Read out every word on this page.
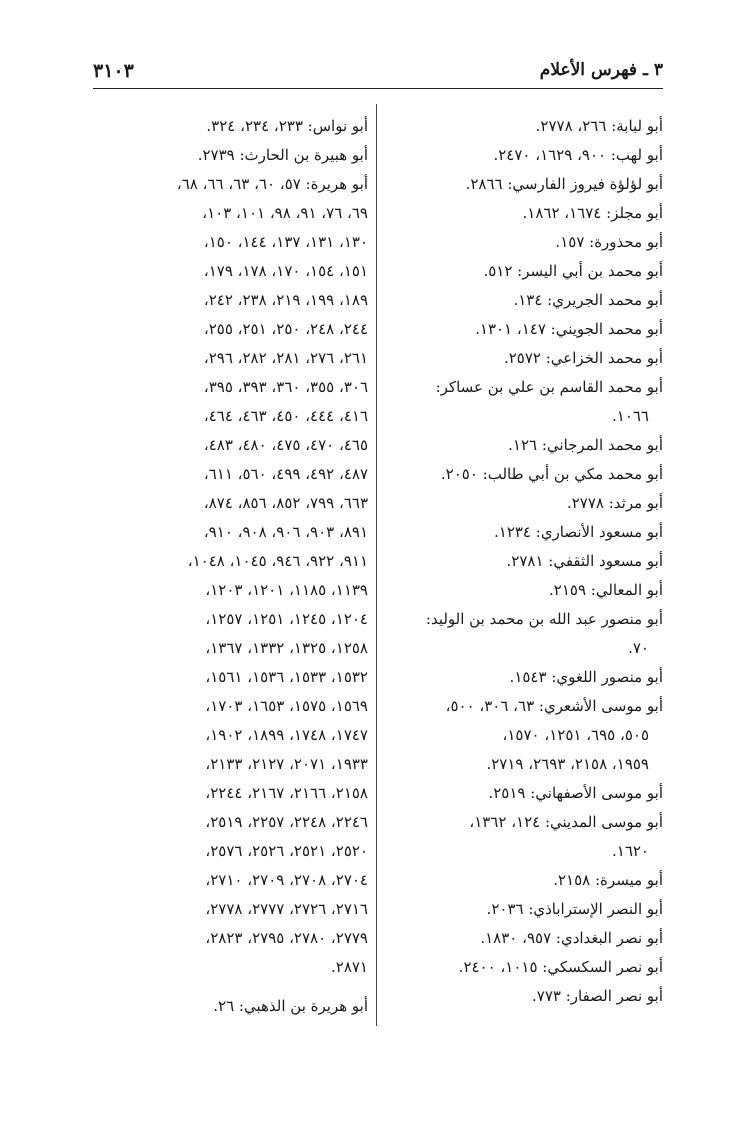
٣ ـ فهرس الأعلام
٣١٠٣
أبو لبابة: ٢٦٦، ٢٧٧٨.
أبو لهب: ٩٠٠، ١٦٢٩، ٢٤٧٠.
أبو لؤلؤة فيروز الفارسي: ٢٨٦٦.
أبو مجلز: ١٦٧٤، ١٨٦٢.
أبو محذورة: ١٥٧.
أبو محمد بن أبي اليسر: ٥١٢.
أبو محمد الجريري: ١٣٤.
أبو محمد الجويني: ١٤٧، ١٣٠١.
أبو محمد الخزاعي: ٢٥٧٢.
أبو محمد القاسم بن علي بن عساكر:
١٠٦٦.
أبو محمد المرجاني: ١٢٦.
أبو محمد مكي بن أبي طالب: ٢٠٥٠.
أبو مرثد: ٢٧٧٨.
أبو مسعود الأنصاري: ١٢٣٤.
أبو مسعود الثقفي: ٢٧٨١.
أبو المعالي: ٢١٥٩.
أبو منصور عبد الله بن محمد بن الوليد:
٧٠.
أبو منصور اللغوي: ١٥٤٣.
أبو موسى الأشعري: ٦٣، ٣٠٦، ٥٠٠،
٥٠٥، ٦٩٥، ١٢٥١، ١٥٧٠،
١٩٥٩، ٢١٥٨، ٢٦٩٣، ٢٧١٩.
أبو موسى الأصفهاني: ٢٥١٩.
أبو موسى المديني: ١٢٤، ١٣٦٢،
١٦٢٠.
أبو ميسرة: ٢١٥٨.
أبو النصر الإستراباذي: ٢٠٣٦.
أبو نصر البغدادي: ٩٥٧، ١٨٣٠.
أبو نصر السكسكي: ١٠١٥، ٢٤٠٠.
أبو نصر الصفار: ٧٧٣.
أبو نواس: ٢٣٣، ٢٣٤، ٣٢٤.
أبو هبيرة بن الحارث: ٢٧٣٩.
أبو هريرة: ٥٧، ٦٠، ٦٣، ٦٦، ٦٨،
٦٩، ٧٦، ٩١، ٩٨، ١٠١، ١٠٣،
١٣٠، ١٣١، ١٣٧، ١٤٤، ١٥٠،
١٥١، ١٥٤، ١٧٠، ١٧٨، ١٧٩،
١٨٩، ١٩٩، ٢١٩، ٢٣٨، ٢٤٢،
٢٤٤، ٢٤٨، ٢٥٠، ٢٥١، ٢٥٥،
٢٦١، ٢٧٦، ٢٨١، ٢٨٢، ٢٩٦،
٣٠٦، ٣٥٥، ٣٦٠، ٣٩٣، ٣٩٥،
٤١٦، ٤٤٤، ٤٥٠، ٤٦٣، ٤٦٤،
٤٦٥، ٤٧٠، ٤٧٥، ٤٨٠، ٤٨٣،
٤٨٧، ٤٩٢، ٤٩٩، ٥٦٠، ٦١١،
٦٦٣، ٧٩٩، ٨٥٢، ٨٥٦، ٨٧٤،
٨٩١، ٩٠٣، ٩٠٦، ٩٠٨، ٩١٠،
٩١١، ٩٢٢، ٩٤٦، ١٠٤٥، ١٠٤٨،
١١٣٩، ١١٨٥، ١٢٠١، ١٢٠٣،
١٢٠٤، ١٢٤٥، ١٢٥١، ١٢٥٧،
١٢٥٨، ١٣٢٥، ١٣٣٢، ١٣٦٧،
١٥٣٢، ١٥٣٣، ١٥٣٦، ١٥٦١،
١٥٦٩، ١٥٧٥، ١٦٥٣، ١٧٠٣،
١٧٤٧، ١٧٤٨، ١٨٩٩، ١٩٠٢،
١٩٣٣، ٢٠٧١، ٢١٢٧، ٢١٣٣،
٢١٥٨، ٢١٦٦، ٢١٦٧، ٢٢٤٤،
٢٢٤٦، ٢٢٤٨، ٢٢٥٧، ٢٥١٩،
٢٥٢٠، ٢٥٢١، ٢٥٢٦، ٢٥٧٦،
٢٧٠٤، ٢٧٠٨، ٢٧٠٩، ٢٧١٠،
٢٧١٦، ٢٧٢٦، ٢٧٧٧، ٢٧٧٨،
٢٧٧٩، ٢٧٨٠، ٢٧٩٥، ٢٨٢٣،
٢٨٧١.
أبو هريرة بن الذهبي: ٢٦.
